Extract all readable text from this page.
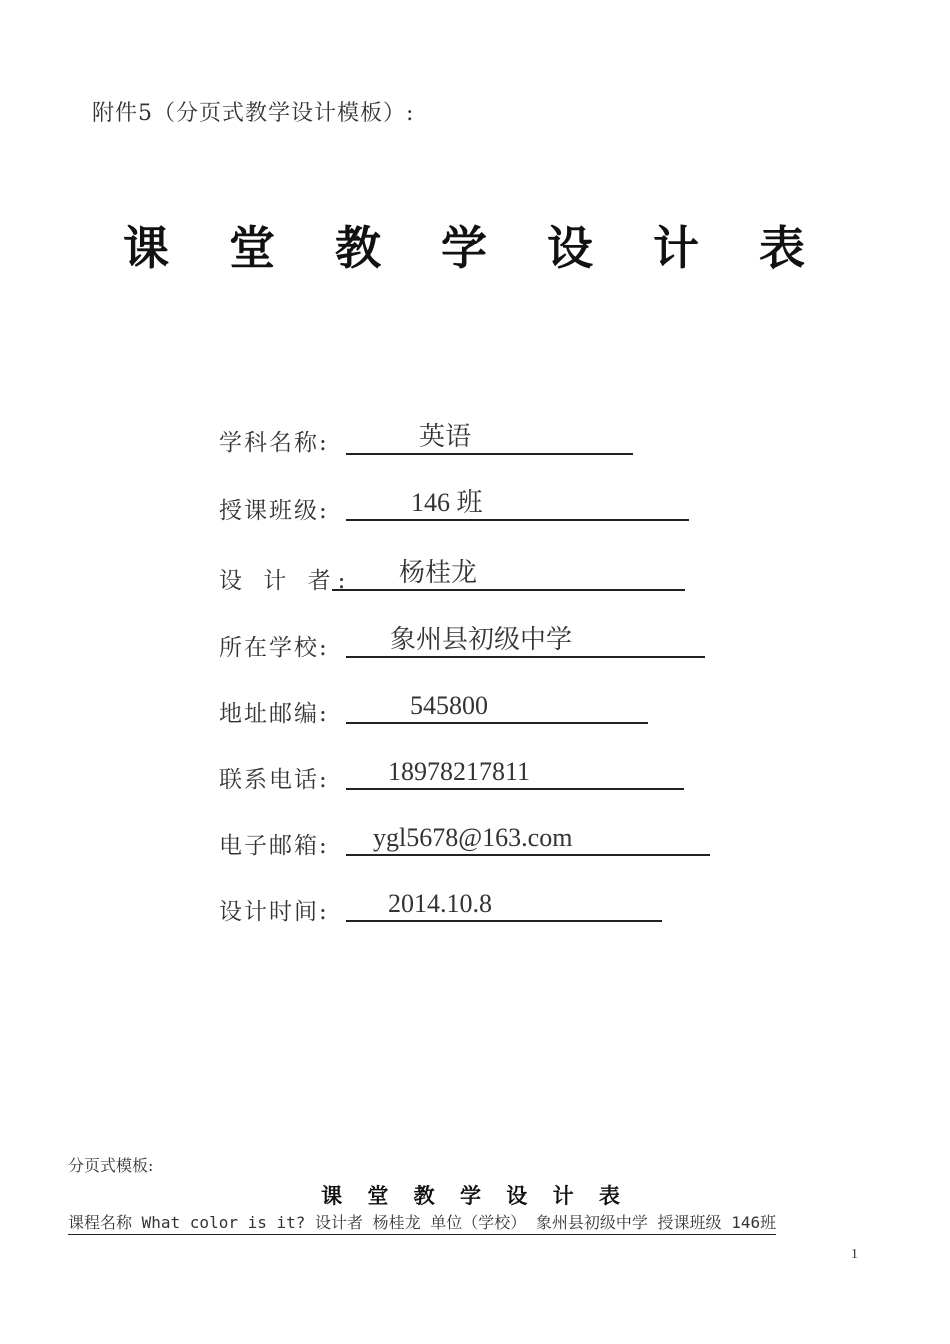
附件5（分页式教学设计模板）:
课 堂 教 学 设 计 表
学科名称:	英语
授课班级:	146 班
设 计 者: 杨桂龙
所在学校: 象州县初级中学
地址邮编:	545800
联系电话: 18978217811
电子邮箱: ygl5678@163.com
设计时间: 2014.10.8
分页式模板:
课 堂 教 学 设 计 表
课程名称 What color is it? 设计者 杨桂龙 单位（学校） 象州县初级中学 授课班级 146班
1
